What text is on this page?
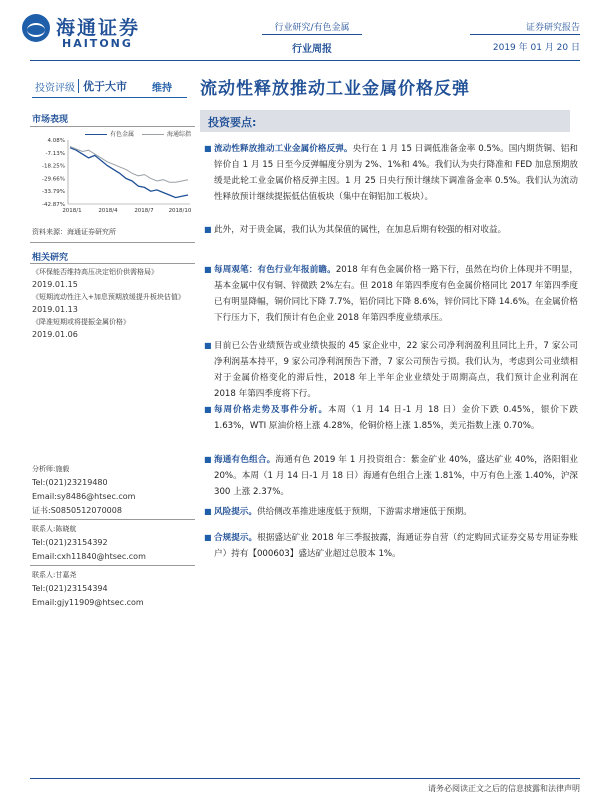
海通证券
HAITONG
行业研究/有色金属
行业周报
证券研究报告
2019 年 01 月 20 日
投资评级 优于大市	维持 流动性释放推动工业金属价格反弹
市场表现
有色金属	海通综指
4.08%
-7.13%
-18.25%
-29.66%
-33.79%
-42.87%
2018/1	2018/4	2018/7	2018/10
资料来源：海通证券研究所
相关研究
《环保能否维持高压决定铝价供需格局》
2019.01.15
《短期流动性注入+加息预期放缓提升板块估值》
2019.01.13
《降准短期或将提振金属价格》
2019.01.06
分析师:施毅
Tel:(021)23219480
Email:sy8486@htsec.com
证书:S0850512070008
联系人:陈晓航
Tel:(021)23154392
Email:cxh11840@htsec.com
联系人:甘嘉尧
Tel:(021)23154394
Email:gjy11909@htsec.com
投资要点:
■ 流动性释放推动工业金属价格反弹。央行在 1 月 15 日调低准备金率 0.5%。国内期货铜、铝和锌价自 1 月 15 日至今反弹幅度分别为 2%、1%和 4%。我们认为央行降准和 FED 加息预期放缓是此轮工业金属价格反弹主因。1 月 25 日央行预计继续下调准备金率 0.5%。我们认为流动性释放预计继续提振低估值板块（集中在铜铝加工板块）。
■ 此外，对于贵金属，我们认为其保值的属性，在加息后期有较强的相对收益。
■ 每周观笔：有色行业年报前瞻。2018 年有色金属价格一路下行，虽然在均价上体现并不明显，基本金属中仅有铜、锌微跌 2%左右。但 2018 年第四季度有色金属价格同比 2017 年第四季度已有明显降幅，铜价同比下降 7.7%，铝价同比下降 8.6%，锌价同比下降 14.6%。在金属价格下行压力下，我们预计有色企业 2018 年第四季度业绩承压。
■ 目前已公告业绩预告或业绩快报的 45 家企业中，22 家公司净利润盈利且同比上升，7 家公司净利润基本持平，9 家公司净利润预告下滑，7 家公司预告亏损。我们认为，考虑到公司业绩相对于金属价格变化的滞后性，2018 年上半年企业业绩处于周期高点，我们预计企业利润在 2018 年第四季度将下行。
■ 每周价格走势及事件分析。本周（1 月 14 日-1 月 18 日）金价下跌 0.45%，银价下跌 1.63%，WTI 原油价格上涨 4.28%，伦铜价格上涨 1.85%，美元指数上涨 0.70%。
■ 海通有色组合。海通有色 2019 年 1 月投资组合：紫金矿业 40%，盛达矿业 40%，洛阳钼业 20%。本周（1 月 14 日-1 月 18 日）海通有色组合上涨 1.81%，中万有色上涨 1.40%，沪深 300 上涨 2.37%。
■ 风险提示。供给侧改革推进速度低于预期，下游需求增速低于预期。
■ 合规提示。根据盛达矿业 2018 年三季报披露，海通证券自营（约定购回式证券交易专用证券账户）持有【000603】盛达矿业超过总股本 1%。
请务必阅读正文之后的信息披露和法律声明
